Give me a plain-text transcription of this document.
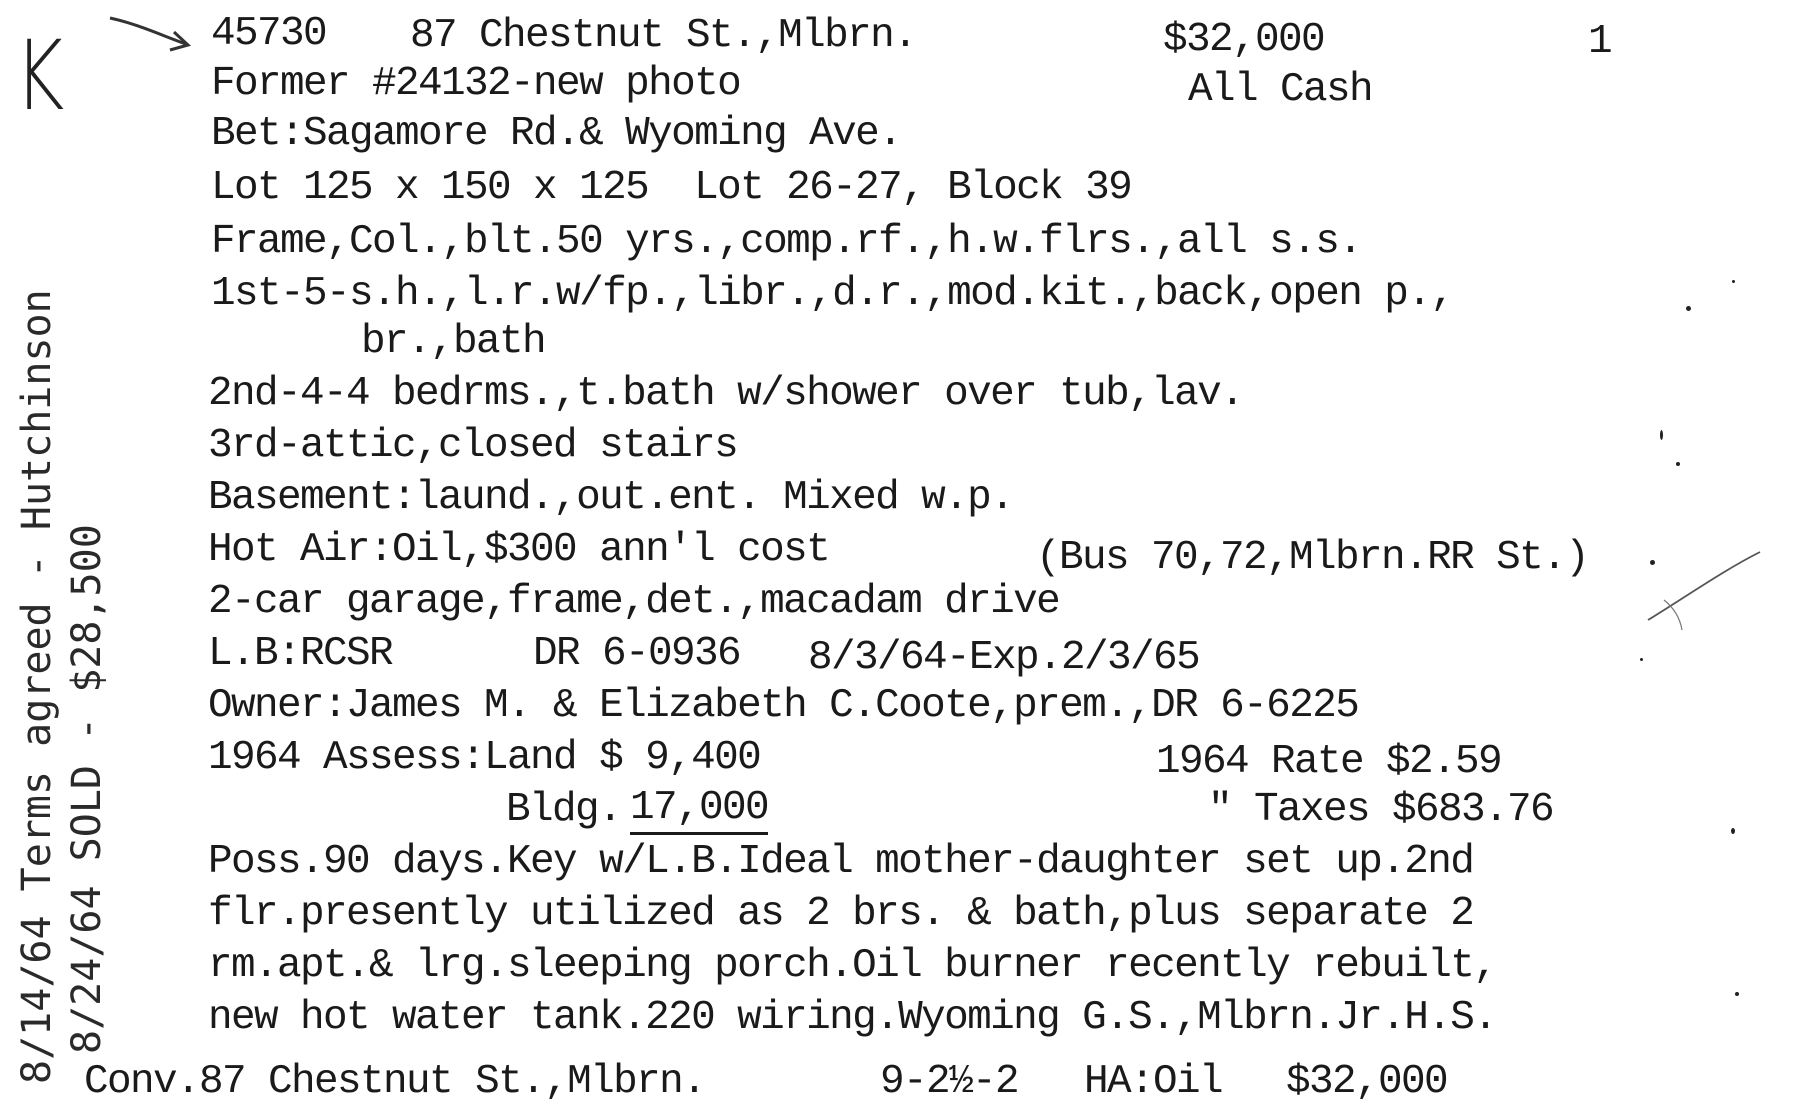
K	45730 87 Chestnut St.,Mlbrn.	$32,000	1
Former #24132-new photo	All Cash
Bet:Sagamore Rd.& Wyoming Ave.
Lot 125 x 150 x 125  Lot 26-27, Block 39
Frame,Col.,blt.50 yrs.,comp.rf.,h.w.flrs.,all s.s.
1st-5-s.h.,l.r.w/fp.,libr.,d.r.,mod.kit.,back,open p.,
br.,bath
2nd-4-4 bedrms.,t.bath w/shower over tub,lav.
3rd-attic,closed stairs
Basement:laund.,out.ent. Mixed w.p.
Hot Air:Oil,$300 ann'l cost	(Bus 70,72,Mlbrn.RR St.)
2-car garage,frame,det.,macadam drive
L.B:RCSR	DR 6-0936 8/3/64-Exp.2/3/65
Owner:James M. & Elizabeth C.Coote,prem.,DR 6-6225
1964 Assess:Land $ 9,400	1964 Rate $2.59
Bldg. 17,000	" Taxes $683.76
Poss.90 days.Key w/L.B.Ideal mother-daughter set up.2nd
flr.presently utilized as 2 brs. & bath,plus separate 2
rm.apt.& lrg.sleeping porch.Oil burner recently rebuilt,
new hot water tank.220 wiring.Wyoming G.S.,Mlbrn.Jr.H.S.
Conv.87 Chestnut St.,Mlbrn.	9-2½-2 HA:Oil $32,000
8/14/64 Terms agreed - Hutchinson 8/24/64 SOLD - $28,500
